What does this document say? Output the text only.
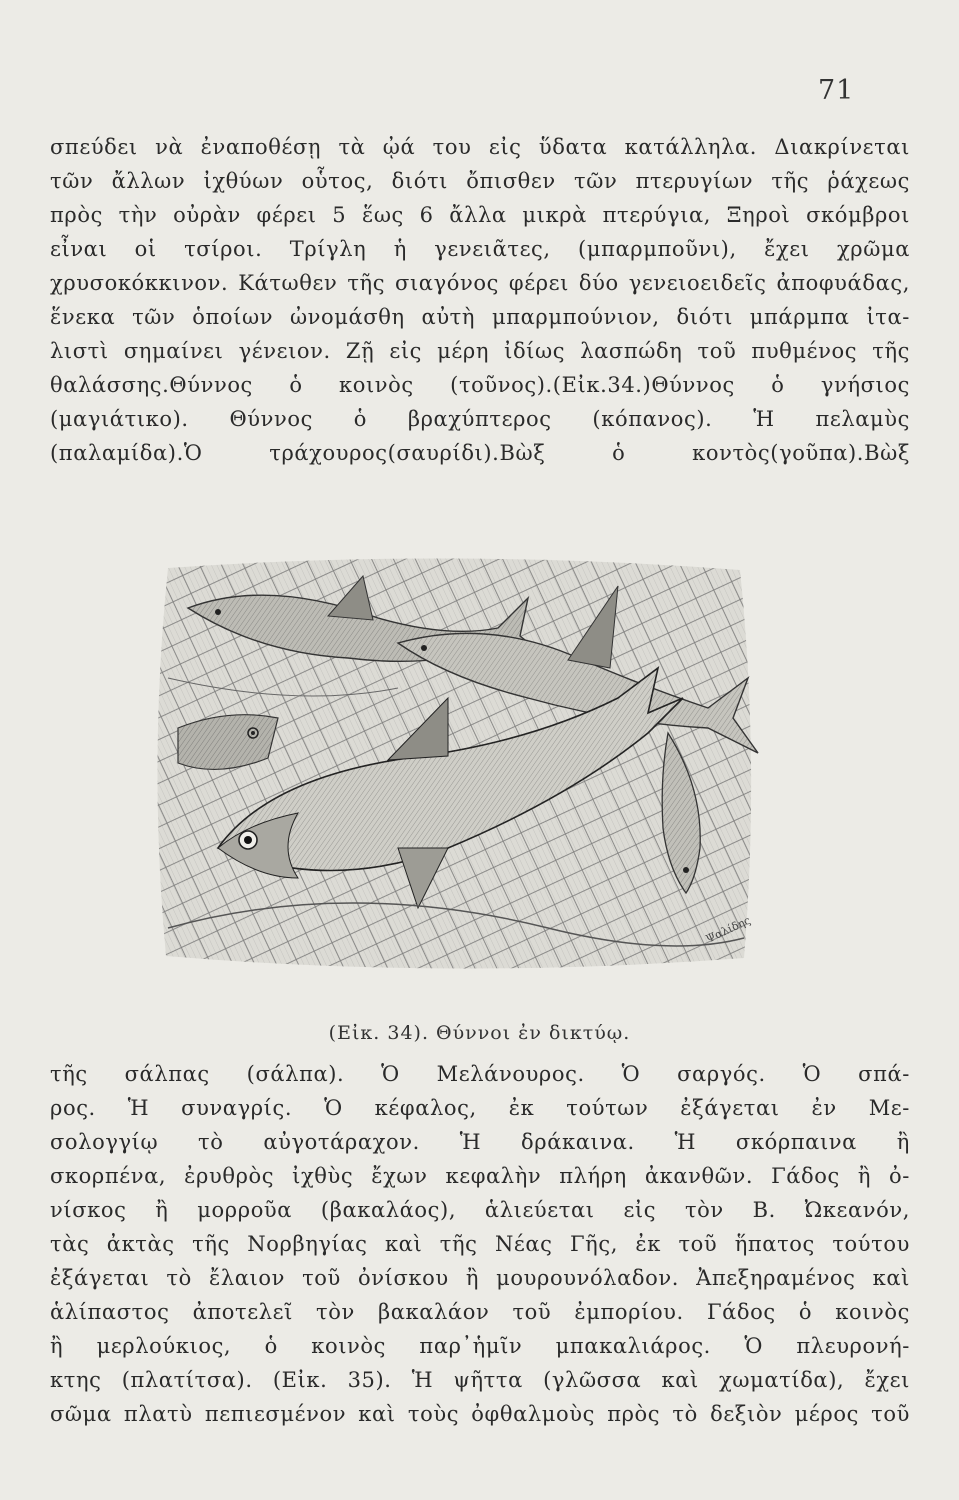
71
σπεύδει νὰ ἐναποθέσῃ τὰ ᾠά του εἰς ὕδατα κατάλληλα. Διακρίνεται
τῶν ἄλλων ἰχθύων οὗτος, διότι ὄπισθεν τῶν πτερυγίων τῆς ῥάχεως
πρὸς τὴν οὐρὰν φέρει 5 ἕως 6 ἄλλα μικρὰ πτερύγια, Ξηροὶ σκόμβροι
εἶναι οἱ τσίροι. Τρίγλη ἡ γενειᾶτες, (μπαρμποῦνι), ἔχει χρῶμα
χρυσοκόκκινον. Κάτωθεν τῆς σιαγόνος φέρει δύο γενειοειδεῖς ἀποφυάδας,
ἕνεκα τῶν ὁποίων ὠνομάσθη αὐτὴ μπαρμπούνιον, διότι μπάρμπα ἰτα-
λιστὶ σημαίνει γένειον. Ζῇ εἰς μέρη ἰδίως λασπώδη τοῦ πυθμένος τῆς
θαλάσσης.Θύννος ὁ κοινὸς (τοῦνος).(Εἰκ.34.)Θύννος ὁ γνήσιος
(μαγιάτικο). Θύννος ὁ βραχύπτερος (κόπανος). Ἡ πελαμὺς
(παλαμίδα).Ὁ τράχουρος(σαυρίδι).Βὼξ ὁ κοντὸς(γοῦπα).Βὼξ
Ψαλίδης
(Εἰκ. 34). Θύννοι ἐν δικτύῳ.
τῆς σάλπας (σάλπα). Ὁ Μελάνουρος. Ὁ σαργός. Ὁ σπά-
ρος. Ἡ συναγρίς. Ὁ κέφαλος, ἐκ τούτων ἐξάγεται ἐν Με-
σολογγίῳ τὸ αὐγοτάραχον. Ἡ δράκαινα. Ἡ σκόρπαινα ἢ
σκορπένα, ἐρυθρὸς ἰχθὺς ἔχων κεφαλὴν πλήρη ἀκανθῶν. Γάδος ἢ ὀ-
νίσκος ἢ μορροῦα (βακαλάος), ἁλιεύεται εἰς τὸν Β. Ὠκεανόν,
τὰς ἀκτὰς τῆς Νορβηγίας καὶ τῆς Νέας Γῆς, ἐκ τοῦ ἥπατος τούτου
ἐξάγεται τὸ ἔλαιον τοῦ ὀνίσκου ἢ μουρουνόλαδον. Ἀπεξηραμένος καὶ
ἁλίπαστος ἀποτελεῖ τὸν βακαλάον τοῦ ἐμπορίου. Γάδος ὁ κοινὸς
ἢ μερλούκιος, ὁ κοινὸς παρ᾽ἡμῖν μπακαλιάρος. Ὁ πλευρονή-
κτης (πλατίτσα). (Εἰκ. 35). Ἡ ψῆττα (γλῶσσα καὶ χωματίδα), ἔχει
σῶμα πλατὺ πεπιεσμένον καὶ τοὺς ὀφθαλμοὺς πρὸς τὸ δεξιὸν μέρος τοῦ
